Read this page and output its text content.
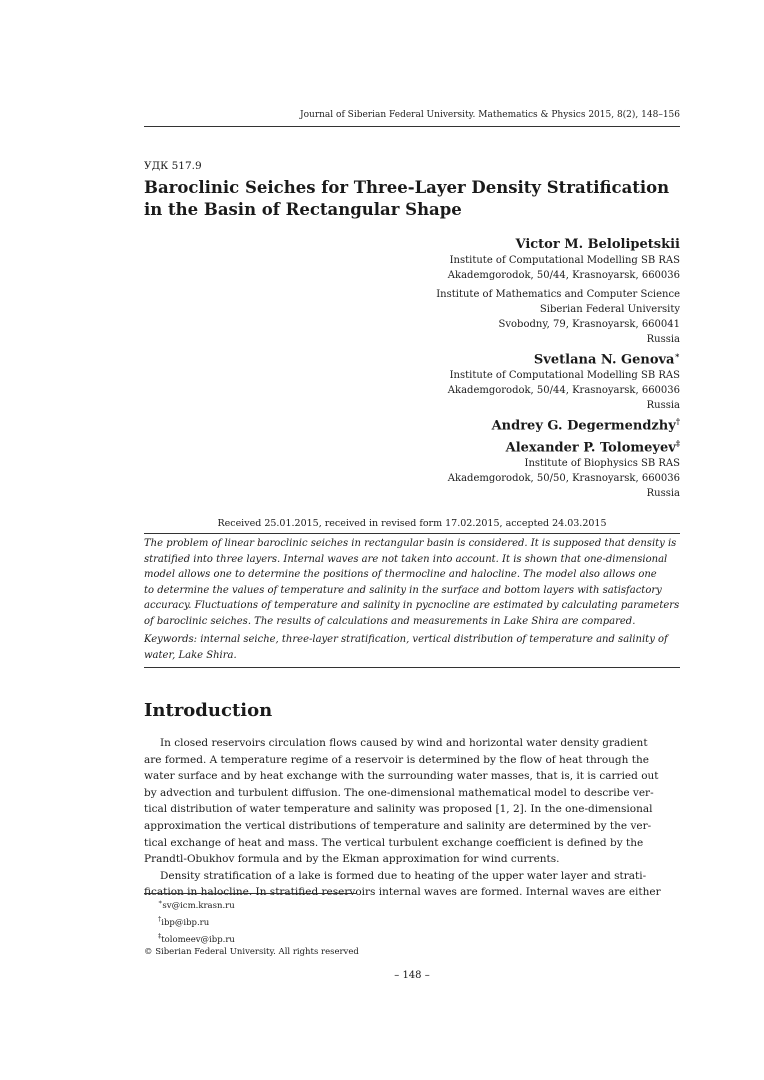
Journal of Siberian Federal University. Mathematics & Physics 2015, 8(2), 148–156
УДК 517.9
Baroclinic Seiches for Three-Layer Density Stratification
in the Basin of Rectangular Shape
Victor M. Belolipetskii
Institute of Computational Modelling SB RAS
Akademgorodok, 50/44, Krasnoyarsk, 660036
Institute of Mathematics and Computer Science
Siberian Federal University
Svobodny, 79, Krasnoyarsk, 660041
Russia
Svetlana N. Genova∗
Institute of Computational Modelling SB RAS
Akademgorodok, 50/44, Krasnoyarsk, 660036
Russia
Andrey G. Degermendzhy†
Alexander P. Tolomeyev‡
Institute of Biophysics SB RAS
Akademgorodok, 50/50, Krasnoyarsk, 660036
Russia
Received 25.01.2015, received in revised form 17.02.2015, accepted 24.03.2015

The problem of linear baroclinic seiches in rectangular basin is considered. It is supposed that density is
stratified into three layers. Internal waves are not taken into account. It is shown that one-dimensional
model allows one to determine the positions of thermocline and halocline. The model also allows one
to determine the values of temperature and salinity in the surface and bottom layers with satisfactory
accuracy. Fluctuations of temperature and salinity in pycnocline are estimated by calculating parameters
of baroclinic seiches. The results of calculations and measurements in Lake Shira are compared.

Keywords: internal seiche, three-layer stratification, vertical distribution of temperature and salinity of
water, Lake Shira.

Introduction
In closed reservoirs circulation flows caused by wind and horizontal water density gradient
are formed. A temperature regime of a reservoir is determined by the flow of heat through the
water surface and by heat exchange with the surrounding water masses, that is, it is carried out
by advection and turbulent diffusion. The one-dimensional mathematical model to describe ver-
tical distribution of water temperature and salinity was proposed [1, 2]. In the one-dimensional
approximation the vertical distributions of temperature and salinity are determined by the ver-
tical exchange of heat and mass. The vertical turbulent exchange coefficient is defined by the
Prandtl-Obukhov formula and by the Ekman approximation for wind currents.
Density stratification of a lake is formed due to heating of the upper water layer and strati-
fication in halocline. In stratified reservoirs internal waves are formed. Internal waves are either
∗sv@icm.krasn.ru
†ibp@ibp.ru
‡tolomeev@ibp.ru
© Siberian Federal University. All rights reserved
– 148 –
